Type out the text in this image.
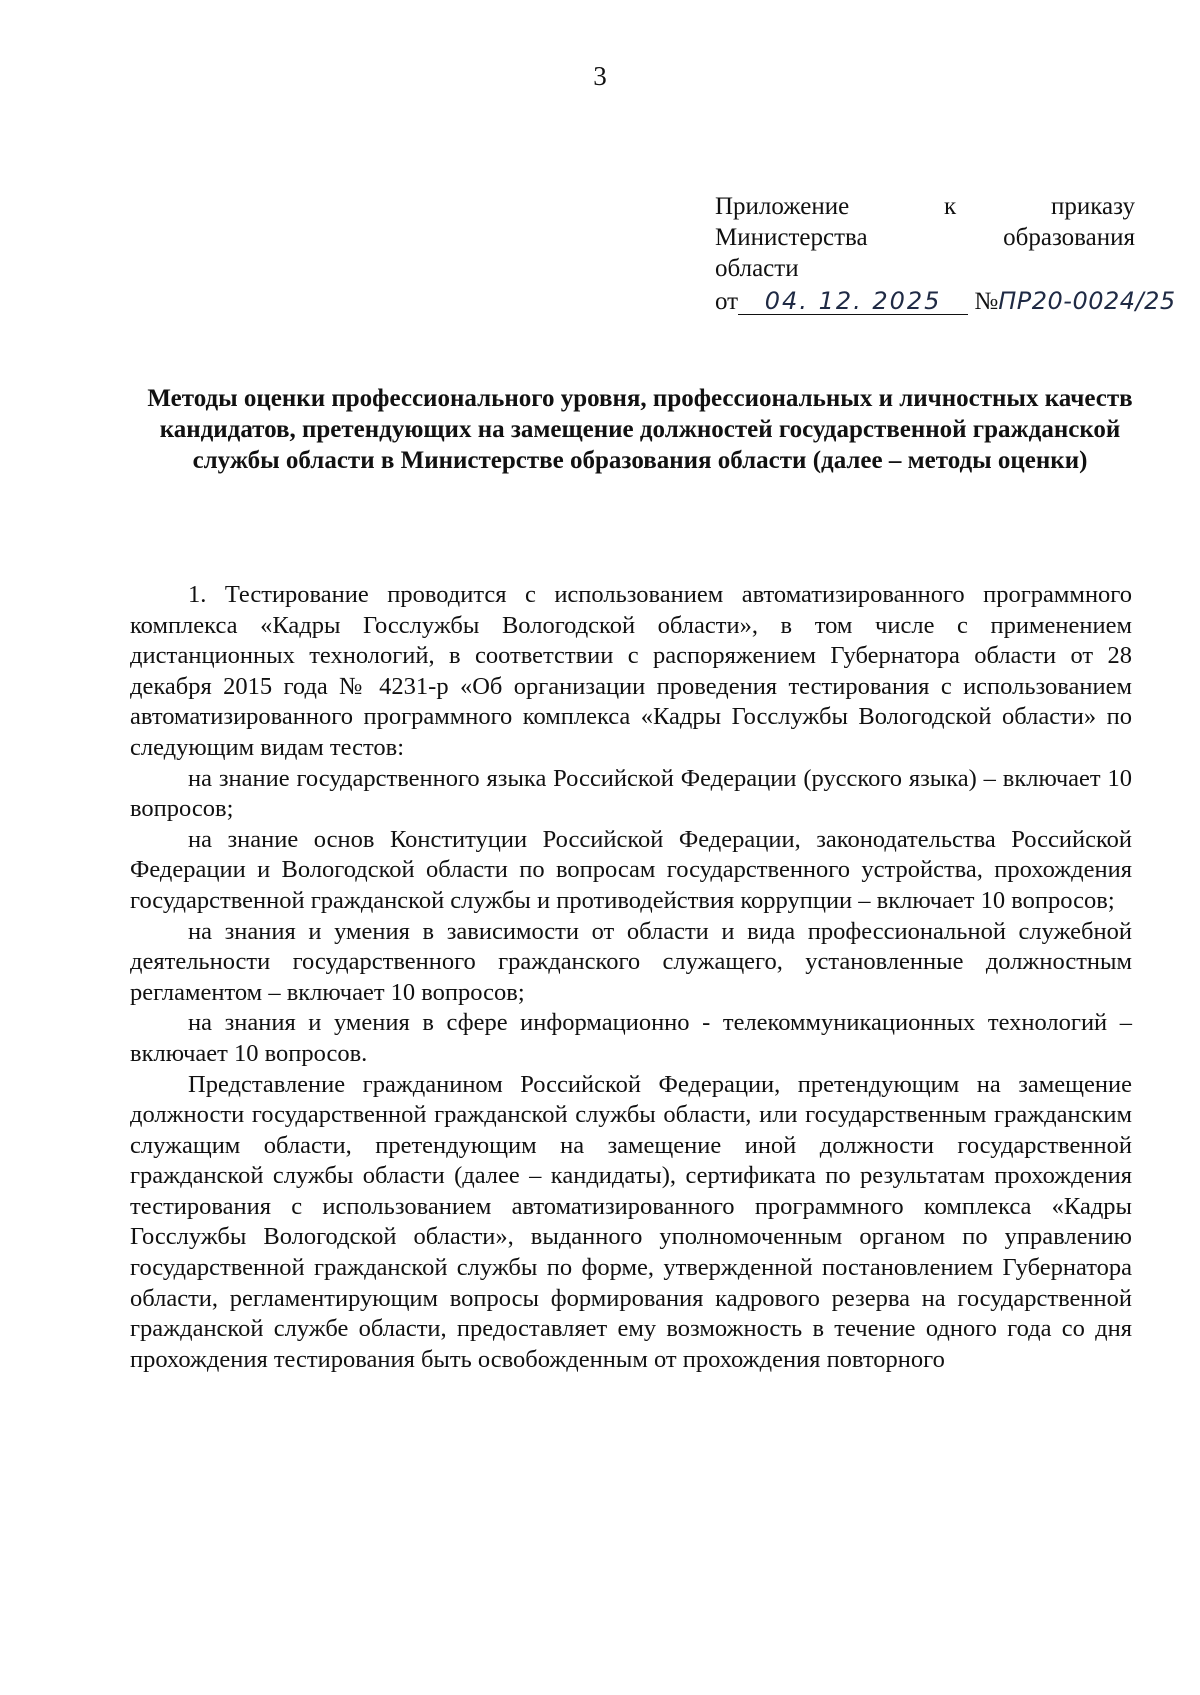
3
Приложение	к	приказу
Министерства	образования
области
от 04. 12. 2025 №ПР20-0024/25
Методы оценки профессионального уровня, профессиональных и личностных качеств кандидатов, претендующих на замещение должностей государственной гражданской службы области в Министерстве образования области (далее – методы оценки)

1. Тестирование проводится с использованием автоматизированного программного комплекса «Кадры Госслужбы Вологодской области», в том числе с применением дистанционных технологий, в соответствии с распоряжением Губернатора области от 28 декабря 2015 года № 4231-р «Об организации проведения тестирования с использованием автоматизированного программного комплекса «Кадры Госслужбы Вологодской области» по следующим видам тестов:

на знание государственного языка Российской Федерации (русского языка) – включает 10 вопросов;

на знание основ Конституции Российской Федерации, законодательства Российской Федерации и Вологодской области по вопросам государственного устройства, прохождения государственной гражданской службы и противодействия коррупции – включает 10 вопросов;

на знания и умения в зависимости от области и вида профессиональной служебной деятельности государственного гражданского служащего, установленные должностным регламентом – включает 10 вопросов;

на знания и умения в сфере информационно - телекоммуникационных технологий – включает 10 вопросов.

Представление гражданином Российской Федерации, претендующим на замещение должности государственной гражданской службы области, или государственным гражданским служащим области, претендующим на замещение иной должности государственной гражданской службы области (далее – кандидаты), сертификата по результатам прохождения тестирования с использованием автоматизированного программного комплекса «Кадры Госслужбы Вологодской области», выданного уполномоченным органом по управлению государственной гражданской службы по форме, утвержденной постановлением Губернатора области, регламентирующим вопросы формирования кадрового резерва на государственной гражданской службе области, предоставляет ему возможность в течение одного года со дня прохождения тестирования быть освобожденным от прохождения повторного
